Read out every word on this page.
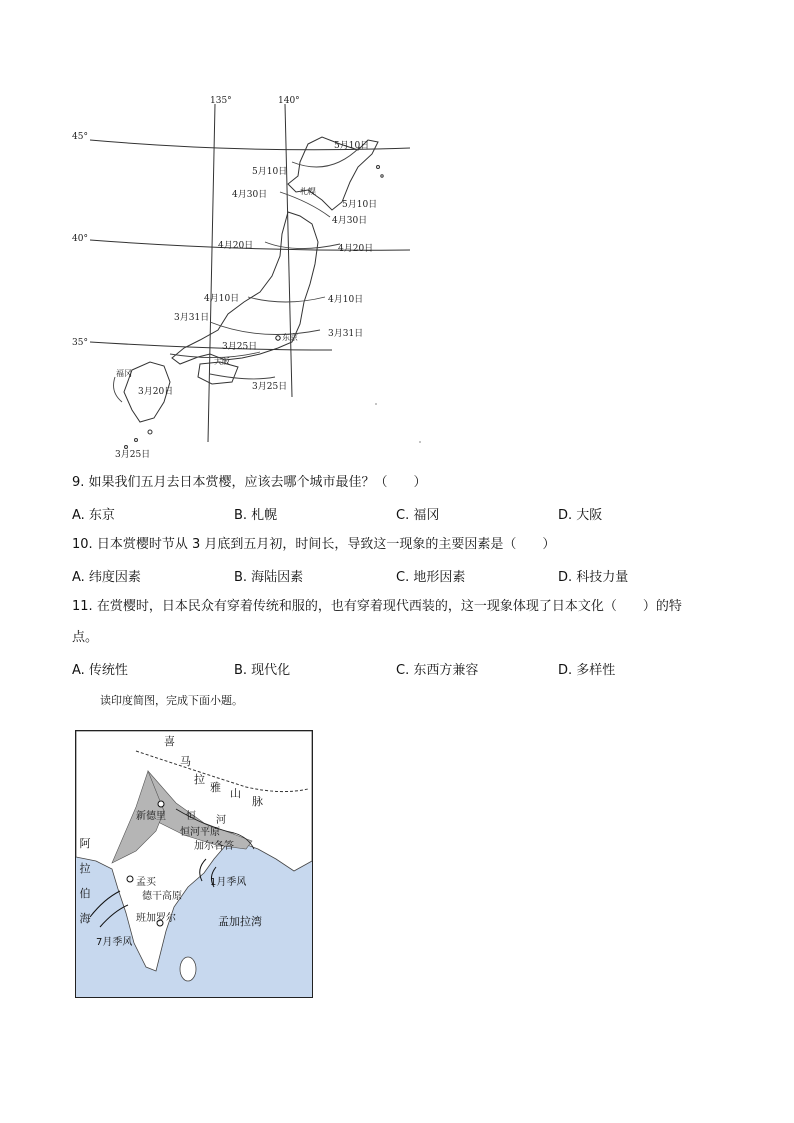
135°	140°
45°
40°
35°
5月10日
5月10日
4月30日
5月10日
4月30日
4月20日	4月20日
4月10日	4月10日
3月31日
3月31日
3月25日
3月25日
3月20日
3月25日
札幌
东京
大阪
福冈
9. 如果我们五月去日本赏樱，应该去哪个城市最佳？（　　）
A. 东京	B. 札幌	C. 福冈	D. 大阪
10. 日本赏樱时节从 3 月底到五月初，时间长，导致这一现象的主要因素是（　　）
A. 纬度因素	B. 海陆因素	C. 地形因素	D. 科技力量
11. 在赏樱时，日本民众有穿着传统和服的，也有穿着现代西装的，这一现象体现了日本文化（　　）的特
点。
A. 传统性	B. 现代化	C. 东西方兼容	D. 多样性
读印度简图，完成下面小题。
喜
马
拉
雅 山
脉
恒 河
新德里
恒河平原
加尔各答
1月季风
孟买
德干高原
班加罗尔	孟加拉湾
7月季风
阿
拉
伯
海
